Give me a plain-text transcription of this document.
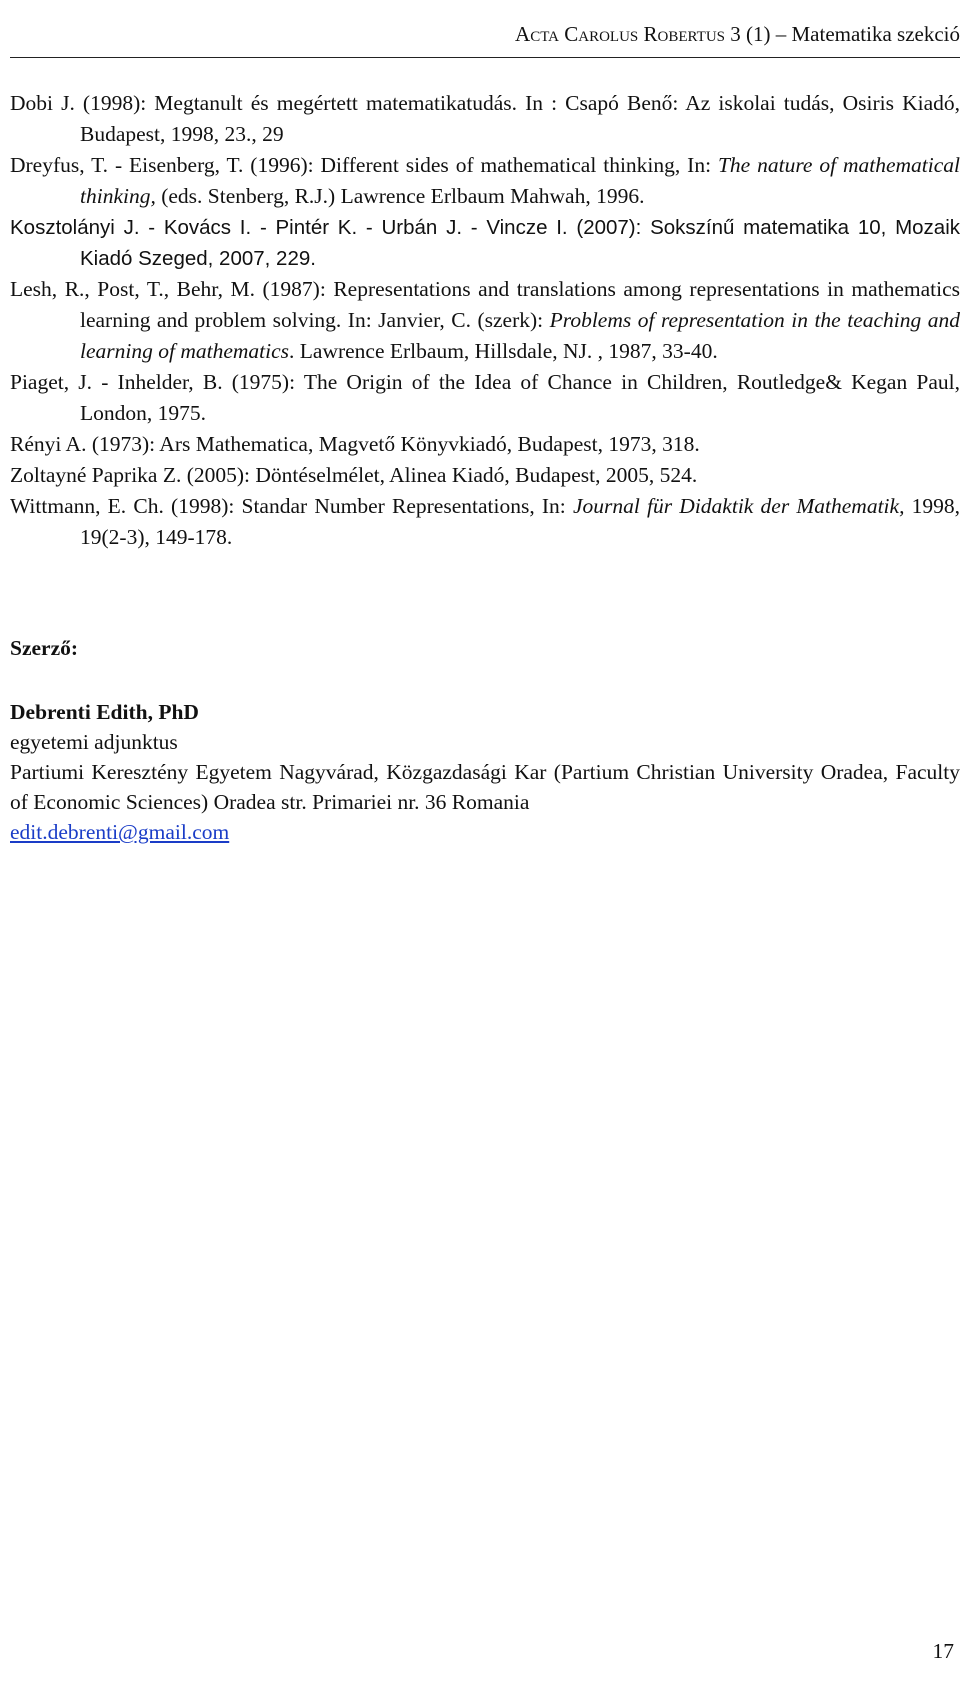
Acta Carolus Robertus 3 (1) – Matematika szekció
Dobi J. (1998): Megtanult és megértett matematikatudás. In : Csapó Benő: Az iskolai tudás, Osiris Kiadó, Budapest, 1998, 23., 29
Dreyfus, T. - Eisenberg, T. (1996): Different sides of mathematical thinking, In: The nature of mathematical thinking, (eds. Stenberg, R.J.) Lawrence Erlbaum Mahwah, 1996.
Kosztolányi J. - Kovács I. - Pintér K. - Urbán J. - Vincze I. (2007): Sokszínű matematika 10, Mozaik Kiadó Szeged, 2007, 229.
Lesh, R., Post, T., Behr, M. (1987): Representations and translations among representations in mathematics learning and problem solving. In: Janvier, C. (szerk): Problems of representation in the teaching and learning of mathematics. Lawrence Erlbaum, Hillsdale, NJ. , 1987, 33-40.
Piaget, J. - Inhelder, B. (1975): The Origin of the Idea of Chance in Children, Routledge& Kegan Paul, London, 1975.
Rényi A. (1973): Ars Mathematica, Magvető Könyvkiadó, Budapest, 1973, 318.
Zoltayné Paprika Z. (2005): Döntéselmélet, Alinea Kiadó, Budapest, 2005, 524.
Wittmann, E. Ch. (1998): Standar Number Representations, In: Journal für Didaktik der Mathematik, 1998, 19(2-3), 149-178.
Szerző:
Debrenti Edith, PhD
egyetemi adjunktus
Partiumi Keresztény Egyetem Nagyvárad, Közgazdasági Kar (Partium Christian University Oradea, Faculty of Economic Sciences) Oradea str. Primariei nr. 36 Romania
edit.debrenti@gmail.com
17
